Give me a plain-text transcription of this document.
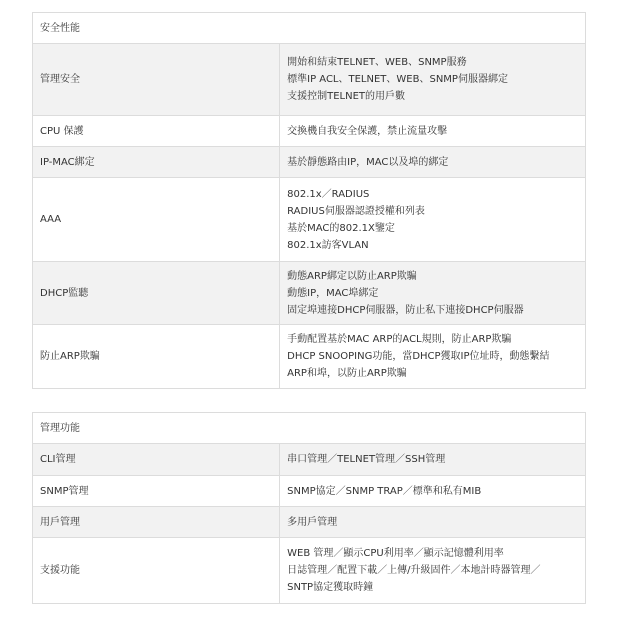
安全性能	
管理安全	開始和結束TELNET、WEB、SNMP服務
標準IP ACL、TELNET、WEB、SNMP伺服器綁定
支援控制TELNET的用戶數

CPU 保護	交換機自我安全保護，禁止流量攻擊

IP-MAC綁定	基於靜態路由IP，MAC以及埠的綁定

AAA	802.1x／RADIUS
RADIUS伺服器認證授權和列表
基於MAC的802.1X鑒定
802.1x訪客VLAN

DHCP監聽	動態ARP綁定以防止ARP欺騙
動態IP，MAC埠綁定
固定埠連接DHCP伺服器，防止私下連接DHCP伺服器

防止ARP欺騙	手動配置基於MAC ARP的ACL規則，防止ARP欺騙
DHCP SNOOPING功能，當DHCP獲取IP位址時，動態繫結
ARP和埠，以防止ARP欺騙
管理功能	
CLI管理	串口管理／TELNET管理／SSH管理

SNMP管理	SNMP協定／SNMP TRAP／標準和私有MIB

用戶管理	多用戶管理

支援功能	WEB 管理／顯示CPU利用率／顯示記憶體利用率
日誌管理／配置下載／上傳/升級固件／本地計時器管理／
SNTP協定獲取時鐘
